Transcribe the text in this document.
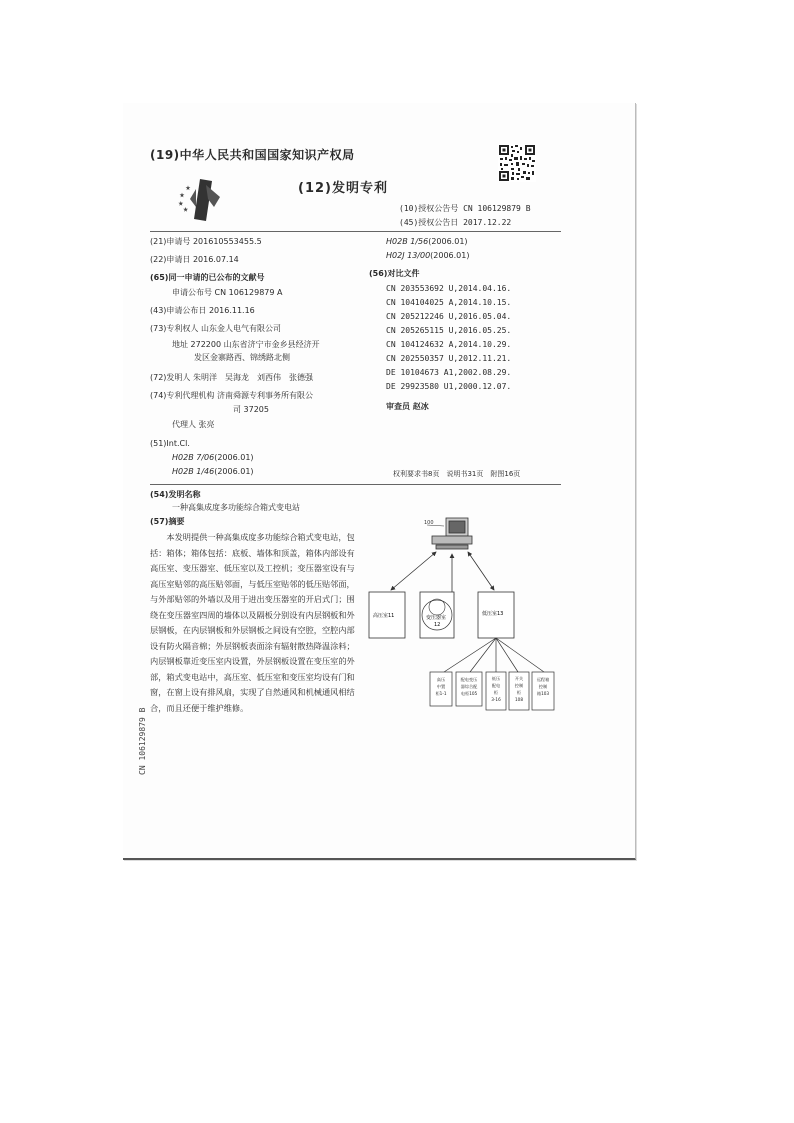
(19)中华人民共和国国家知识产权局
(12)发明专利
(10)授权公告号 CN 106129879 B
(45)授权公告日 2017.12.22
(21)申请号 201610553455.5
(22)申请日 2016.07.14
(65)同一申请的已公布的文献号
申请公布号 CN 106129879 A
(43)申请公布日 2016.11.16
(73)专利权人 山东金人电气有限公司
地址 272200 山东省济宁市金乡县经济开
发区金寨路西、锦绣路北侧
(72)发明人 朱明洋　吴海龙　刘西伟　张德强
(74)专利代理机构 济南舜源专利事务所有限公
司 37205
代理人 张亮
(51)Int.Cl.
H02B 7/06(2006.01)
H02B 1/46(2006.01)
H02B 1/56(2006.01)
H02J 13/00(2006.01)
(56)对比文件
CN 203553692 U,2014.04.16.
CN 104104025 A,2014.10.15.
CN 205212246 U,2016.05.04.
CN 205265115 U,2016.05.25.
CN 104124632 A,2014.10.29.
CN 202550357 U,2012.11.21.
DE 10104673 A1,2002.08.29.
DE 29923580 U1,2000.12.07.
审查员 赵冰
权利要求书8页　说明书31页　附图16页
(54)发明名称
一种高集成度多功能综合箱式变电站
(57)摘要
本发明提供一种高集成度多功能综合箱式变电站，包括：箱体；箱体包括：底板、墙体和顶盖，箱体内部设有高压室、变压器室、低压室以及工控机；变压器室设有与高压室贴邻的高压贴邻面，与低压室贴邻的低压贴邻面，与外部贴邻的外墙以及用于进出变压器室的开启式门；围绕在变压器室四周的墙体以及隔板分别设有内层钢板和外层钢板，在内层钢板和外层钢板之间设有空腔，空腔内部设有防火隔音棉；外层钢板表面涂有辐射散热降温涂料；内层钢板靠近变压室内设置，外层钢板设置在变压室的外部，箱式变电站中，高压室、低压室和变压室均设有门和窗，在窗上设有排风扇，实现了自然通风和机械通风相结合，而且还便于维护维修。
CN 106129879 B
100
高压室11	变压器室
12
低压室13
高压
中置
柜1-1
配电变压
器综合配
电柜105
低压
配电
柜
3-16
开关
控制
柜
108
远程箱
控制
箱103
